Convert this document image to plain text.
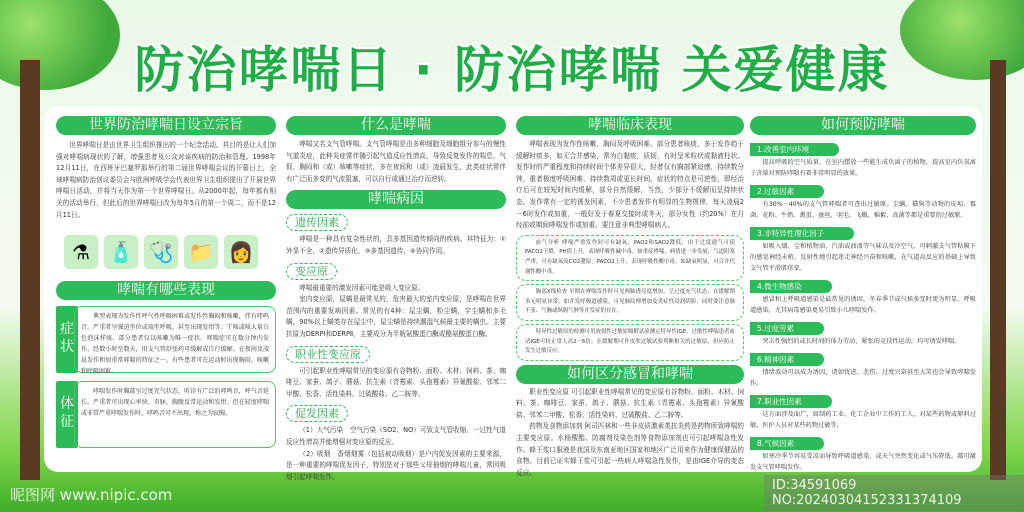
防治哮喘日 · 防治哮喘 关爱健康
世界防治哮喘日设立宗旨

世界哮喘日是由世界卫生组织推出的一个纪念活动。其目的是让人们加强对哮喘病现状的了解，增强患者及公众对该疾病的防治和管理。1998年12月11日，在西班牙巴塞罗那举行的第二届世界哮喘会议的开幕日上，全球哮喘病防治创议委员会与欧洲呼吸学会代表世界卫生组织提出了开展世界哮喘日活动，并将当天作为第一个世界哮喘日。从2000年起，每年都有相关的活动举行，但此后的世界哮喘日改为每年5月的第一个周二，而不是12月11日。

⚗ 🧴 🩺 📁 👩
哮喘有哪些表现
症状

典型表现为发作性呼气性呼吸困难或发作性胸闷和咳嗽，伴有哮鸣音。严重者呈强迫坐位或端坐呼吸，甚至出现发绀等；干咳或咳大量白色泡沫样痰。部分患者仅以咳嗽为唯一症状。哮喘症可在数分钟内发作，经数小时至数天，用支气管舒张药可缓解或自行缓解。在夜间及凌晨发作和加重常哮喘的特征之一。有些患者可在运动时出现胸闷、咳嗽和呼吸困难。

体征

哮喘发作时胸部呈过度充气状态，听诊有广泛的哮鸣音，呼气音延长。严重者可出现心率快、奇脉、胸腹反常运动和发绀。但在轻度哮喘或非常严重哮喘发作时，哮鸣音可不出现，称之为寂胸。

什么是哮喘

哮喘又名支气管哮喘。支气管哮喘是由多种细胞及细胞组分参与的慢性气道炎症，此种炎症常伴随引起气道反应性增高，导致反复发作的喘息、气促、胸闷和（或）咳嗽等症状，多在夜间和（或）凌晨发生，此类症状常伴有广泛而多变的气流阻塞，可以自行或通过治疗而逆转。

哮喘病因
遗传因素

哮喘是一种具有复杂性状的，具多基因遗传倾向的疾病。其特征为：①外显不全，②遗传异质化，③多基因遗传，④协同作用。

变应原

哮喘最重要的激发因素可能是吸入变应原。

室内变应原，屋螨是最常见的，危害最大的室内变应原，是哮喘在世界范围内的重要发病因素。常见的有4种：屋尘螨，粉尘螨，宇尘螨和多毛螨。90%以上螨类存在屋尘中，屋尘螨是持续潮湿气候最主要的螨虫。主要抗原为DERPI和DERPⅡ，主要成分为半胱氨酸蛋白酶或酪氨酸蛋白酶。

职业性变应原

可引起职业性哮喘常见的变应原有谷物粉、面粉、木材、饲料、茶、咖啡豆、家蚕、鸽子、蘑菇、抗生素（青霉素、头孢霉素）异氰酸盐、邻苯二甲酸、松香、活性染料、过硫酸盐、乙二胺等。

促发因素

（1）大气污染　空气污染（SO2、NO）可致支气管收缩、一过性气道反应性增高并能增强对变应原的反应。

（2）吸烟　香烟烟雾（包括被动吸烟）是户内促发因素的主要来源，是一种重要的哮喘促发因子，特别是对于那些父母抽烟的哮喘儿童，常因吸烟引起哮喘发作。

哮喘临床表现

哮喘表现为发作性咳嗽、胸闷及呼吸困难。部分患者咳痰，多于发作趋于缓解时痰多，如无合并感染，常为白黏痰，质韧，有时呈米粒状或黏液柱状。发作时的严重程度和持续时间个体差异很大，轻者仅有胸部紧迫感，持续数分钟，重者极度呼吸困难，持续数周或更长时间。症状的特点是可逆性，即经治疗后可在较短时间内缓解，部分自然缓解，当然，少部分不缓解而呈持续状态。发作常有一定的诱发因素，不少患者发作有明显的生物规律，每天凌晨2－6时发作或加重，一般好发于春夏交接时或冬天，部分女性（约20%）在月经前或期间哮喘发作或加重。要注意非典型哮喘病人。

血气分析 哮喘严重发作时可有缺氧，PAO2和SAO2降低，由于过度通气可使PACO2下降，PH值上升，表现呼吸性碱中毒。如重症哮喘，病情进一步发展，气道阻塞严重，可有缺氧及CO2潴留，PACO2上升，表现呼吸性酸中毒。如缺氧明显，可合并代谢性酸中毒。

胸部X线检查 早期在哮喘发作时可见两肺透亮度增加，呈过度充气状态；在缓解期多无明显异常。如并发呼吸道感染，可见肺纹理增加及炎症性浸润阴影。同时要注意肺不张、气胸或纵隔气肿等并发症的存在。

特异性过敏原的检测可用放射性过敏原吸附试验测定特异性IGE，过敏性哮喘患者血清IGE可较正常人高2－6倍。在缓解期可作皮肤过敏试验判断相关的过敏原，但应防止发生过敏反应。

如何区分感冒和哮喘

职业性变应原 可引起职业性哮喘常见的变应原有谷物粉、面粉、木材、饲料、茶、咖啡豆、家蚕、鸽子、蘑菇、抗生素（青霉素、头孢霉素）异氰酸盐、邻苯二甲酸、松香、活性染料、过硫酸盐、乙二胺等。

药物及食物添加剂 阿司匹林和一些非皮质激素类抗炎药是药物所致哮喘的主要变应原。水杨酸酯、防腐剂及染色剂等食物添加剂也可引起哮喘急性发作。蜂王浆口服液是我国及东南亚地区国家和地区广泛用来作为健康保健品的食物。目前已证实蜂王浆可引起一些病人哮喘急性发作，是由IGE介导的变态反应。

如何预防哮喘
1.改善室内环境

提高呼吸的空气质量，在室内摆放一些能生成负离子的植物，提高室内负氧离子含量对预防哮喘有着非常明显的效果。

2.过敏因素

有30%－40%的支气管哮喘者可查出过敏原。尘螨、猫狗等动物的皮垢、霉菌、花粉、牛奶、禽蛋、蚕丝、羽毛、飞蛾、棉絮、真菌等都是重要的过敏原。

3.非特异性理化因子

如吸入烟、尘和植物油、汽油或油漆等气味以及冷空气，可刺激支气管粘膜下的感觉神经末梢，反射性地引起迷走神经兴奋和咳嗽，在气道高反应的基础上导致支气管平滑肌痉挛。

4.微生物感染

感冒和上呼吸道感染是最常见的诱因，冬春季节或气候多变时更为明显。呼吸道感染，尤其病毒感染更易引致小儿哮喘发作。

5.过度劳累

突击性强烈的或长时间的体力劳动，紧张的竞技性运动，均可诱发哮喘。

6.精神因素

情绪波动可以成为诱因，诸如忧虑、悲伤、过度兴奋甚至大笑也会导致哮喘发作。

7.职业性因素

这方面涉及面广，如制药工业、化工企业中工作的工人，对某些药物或原料过敏，医护人员对某些药物过敏等。

8.气候因素

如寒冷季节容易受凉而导致呼吸道感染，或天气突然变化或气压降低，都可激发支气管哮喘发作。

昵图网 www.nipic.com
ID:34591069 NO:20240304152331374109
